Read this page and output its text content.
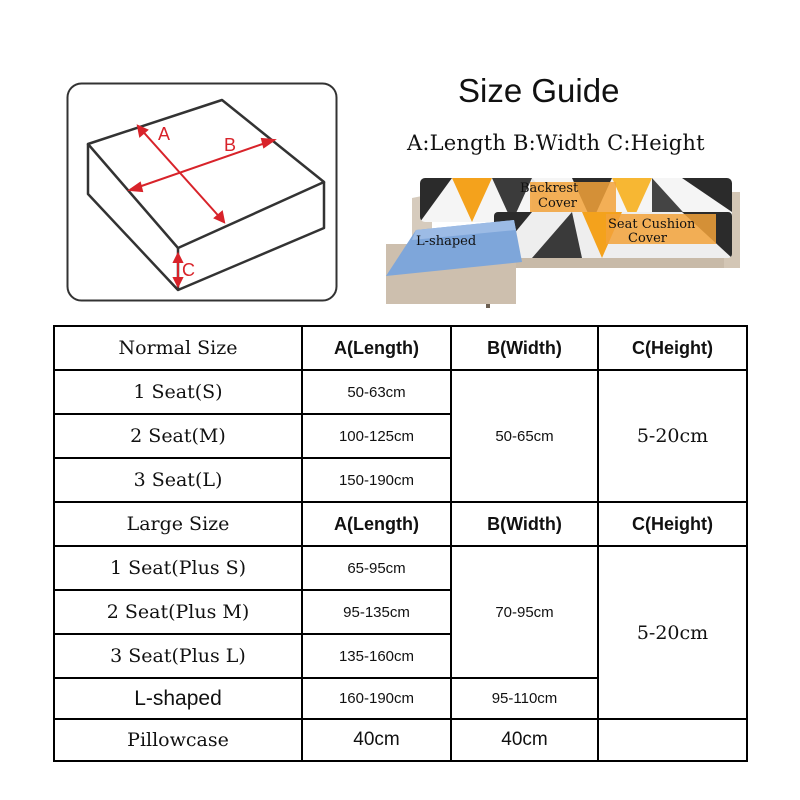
A
B
C
Size Guide
A:Length B:Width C:Height
Backrest
Cover
Seat Cushion
Cover
L-shaped
Normal Size	A(Length)	B(Width)	C(Height)
1 Seat(S)	50-63cm	50-65cm	5-20cm
2 Seat(M)	100-125cm		
3 Seat(L)	150-190cm		
Large Size	A(Length)	B(Width)	C(Height)
1 Seat(Plus S)	65-95cm	70-95cm	5-20cm
2 Seat(Plus M)	95-135cm		
3 Seat(Plus L)	135-160cm		
L-shaped	160-190cm	95-110cm	
Pillowcase	40cm	40cm	
